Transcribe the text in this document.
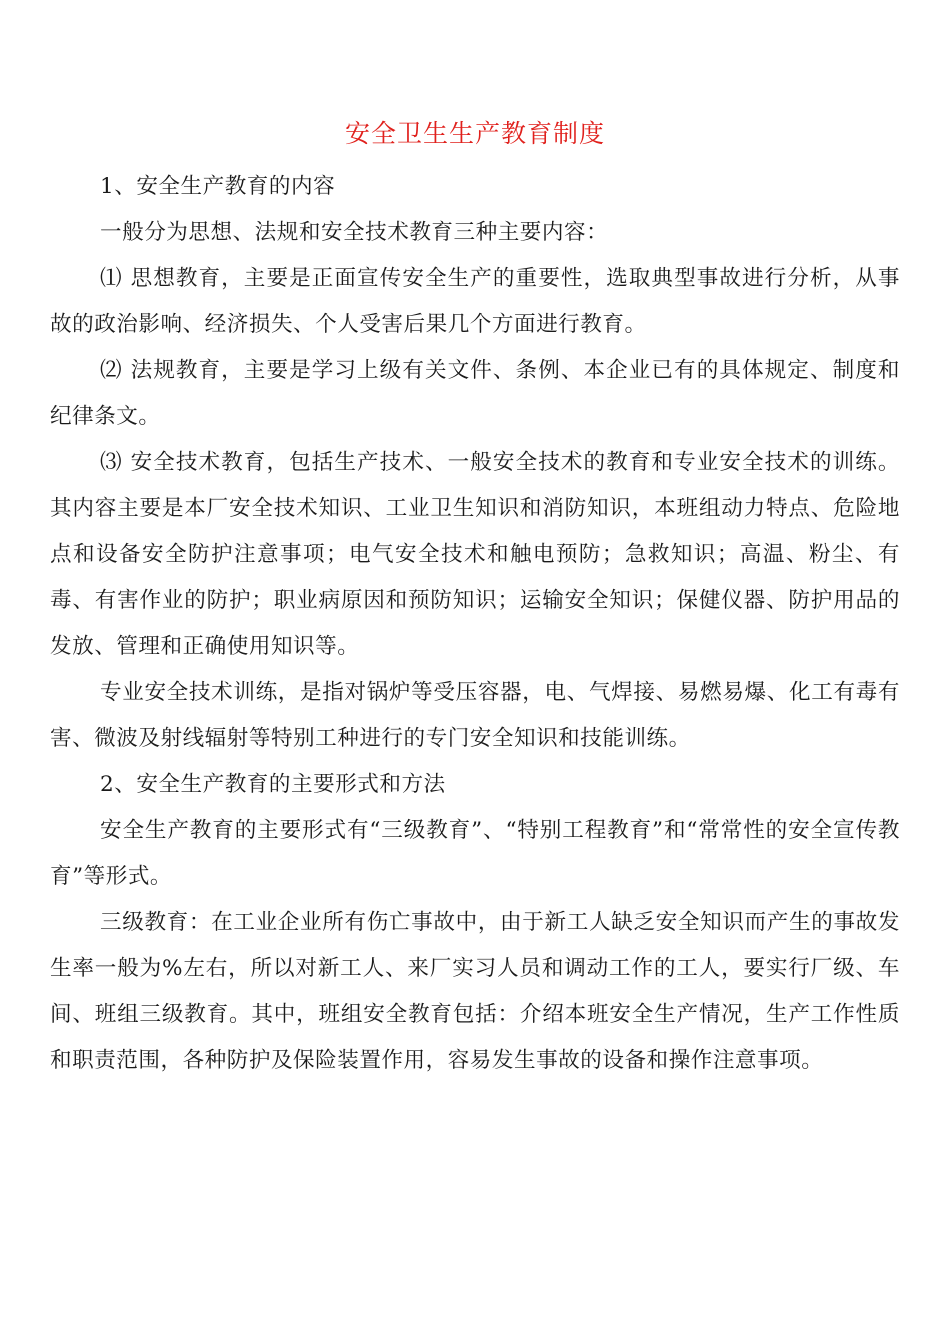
安全卫生生产教育制度

1、安全生产教育的内容

一般分为思想、法规和安全技术教育三种主要内容：

⑴ 思想教育，主要是正面宣传安全生产的重要性，选取典型事故进行分析，从事故的政治影响、经济损失、个人受害后果几个方面进行教育。

⑵ 法规教育，主要是学习上级有关文件、条例、本企业已有的具体规定、制度和纪律条文。

⑶ 安全技术教育，包括生产技术、一般安全技术的教育和专业安全技术的训练。其内容主要是本厂安全技术知识、工业卫生知识和消防知识，本班组动力特点、危险地点和设备安全防护注意事项；电气安全技术和触电预防；急救知识；高温、粉尘、有毒、有害作业的防护；职业病原因和预防知识；运输安全知识；保健仪器、防护用品的发放、管理和正确使用知识等。

专业安全技术训练，是指对锅炉等受压容器，电、气焊接、易燃易爆、化工有毒有害、微波及射线辐射等特别工种进行的专门安全知识和技能训练。

2、安全生产教育的主要形式和方法

安全生产教育的主要形式有“三级教育”、“特别工程教育”和“常常性的安全宣传教育”等形式。

三级教育：在工业企业所有伤亡事故中，由于新工人缺乏安全知识而产生的事故发生率一般为%左右，所以对新工人、来厂实习人员和调动工作的工人，要实行厂级、车间、班组三级教育。其中，班组安全教育包括：介绍本班安全生产情况，生产工作性质和职责范围，各种防护及保险装置作用，容易发生事故的设备和操作注意事项。
